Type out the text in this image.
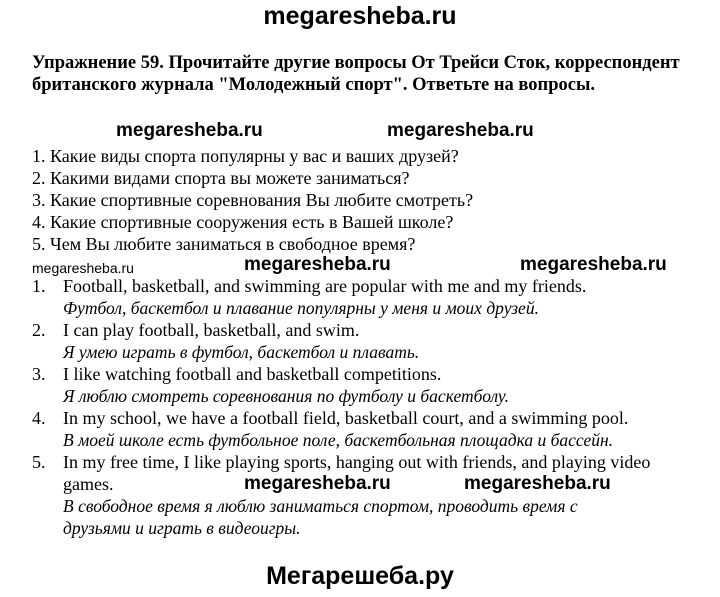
megaresheba.ru
Упражнение 59. Прочитайте другие вопросы От Трейси Сток, корреспондент британского журнала "Молодежный спорт". Ответьте на вопросы.
megaresheba.ru	megaresheba.ru
1. Какие виды спорта популярны у вас и ваших друзей?
2. Какими видами спорта вы можете заниматься?
3. Какие спортивные соревнования Вы любите смотреть?
4. Какие спортивные сооружения есть в Вашей школе?
5. Чем Вы любите заниматься в свободное время?
megaresheba.ru	megaresheba.ru	megaresheba.ru
1. Football, basketball, and swimming are popular with me and my friends.
Футбол, баскетбол и плавание популярны у меня и моих друзей.
2. I can play football, basketball, and swim.
Я умею играть в футбол, баскетбол и плавать.
3. I like watching football and basketball competitions.
Я люблю смотреть соревнования по футболу и баскетболу.
4. In my school, we have a football field, basketball court, and a swimming pool.
В моей школе есть футбольное поле, баскетбольная площадка и бассейн.
5. In my free time, I like playing sports, hanging out with friends, and playing video
games.	megaresheba.ru	megaresheba.ru
В свободное время я люблю заниматься спортом, проводить время с
друзьями и играть в видеоигры.
Мегарешеба.ру
